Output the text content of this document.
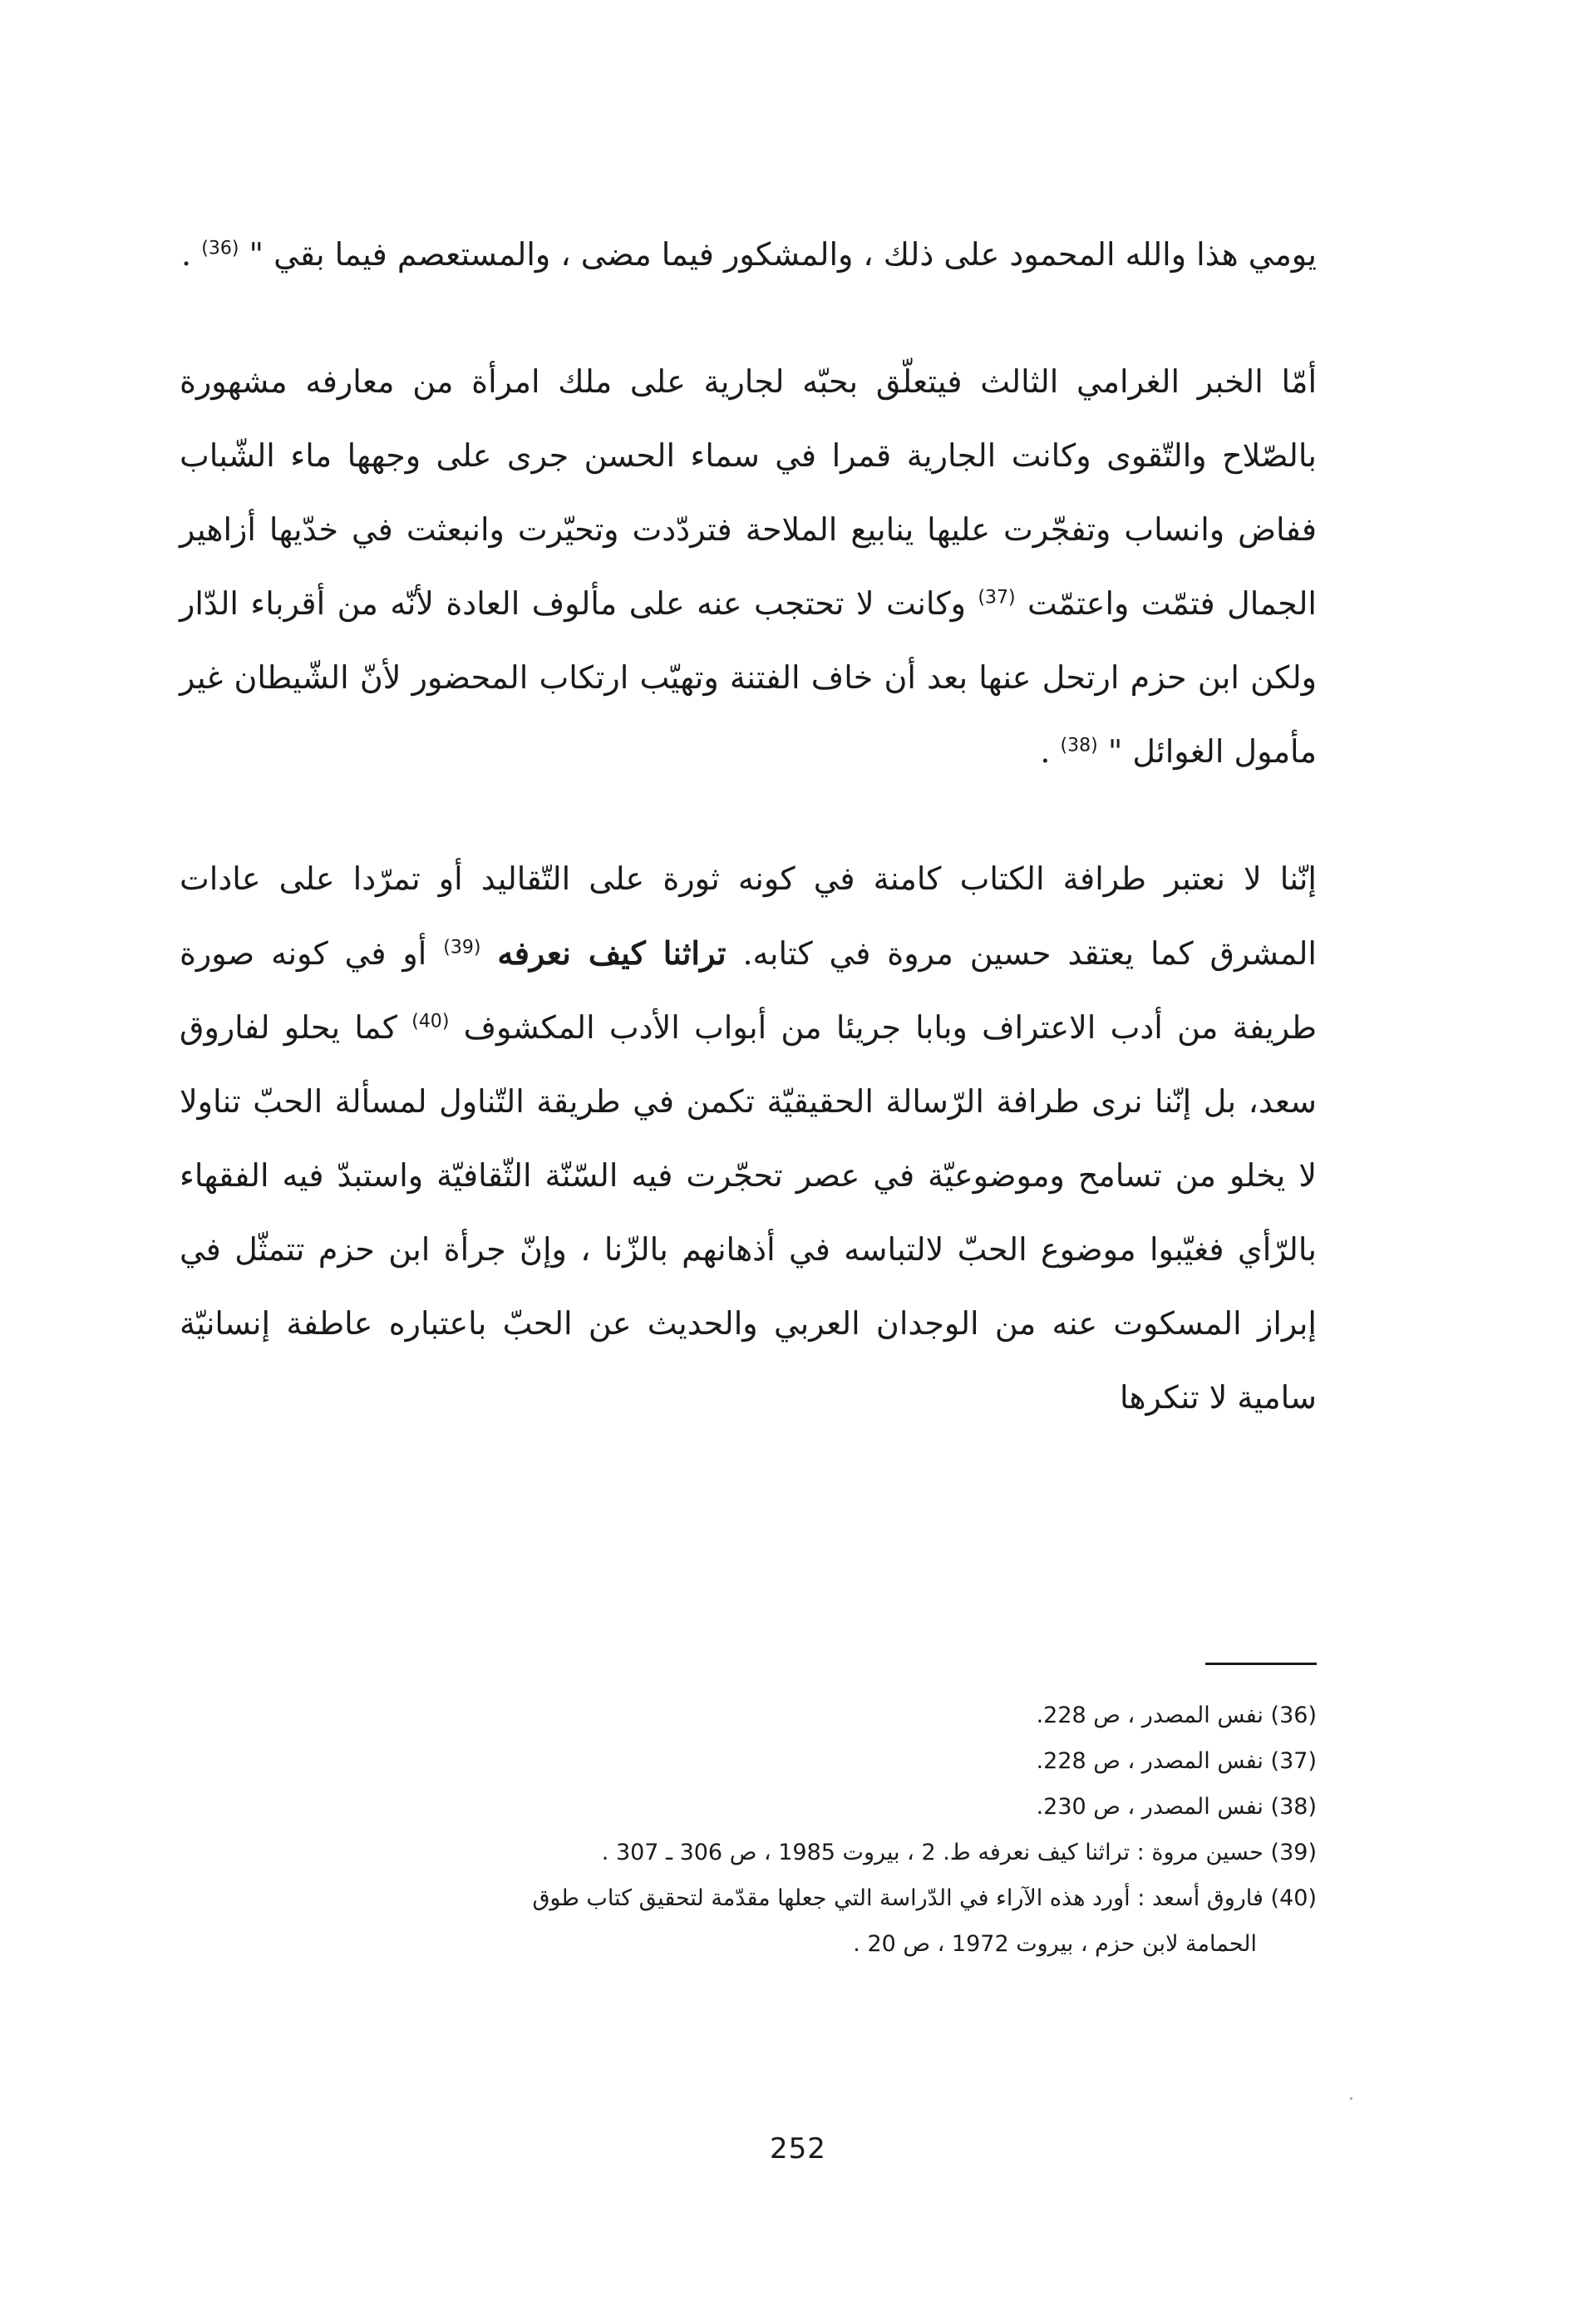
يومي هذا والله المحمود على ذلك ، والمشكور فيما مضى ، والمستعصم فيما بقي " $^{(36)}$ .

أمّا الخبر الغرامي الثالث فيتعلّق بحبّه لجارية على ملك امرأة من معارفه مشهورة بالصّلاح والتّقوى وكانت الجارية قمرا في سماء الحسن جرى على وجهها ماء الشّباب ففاض وانساب وتفجّرت عليها ينابيع الملاحة فتردّدت وتحيّرت وانبعثت في خدّيها أزاهير الجمال فتمّت واعتمّت $^{(37)}$ وكانت لا تحتجب عنه على مألوف العادة لأنّه من أقرباء الدّار ولكن ابن حزم ارتحل عنها بعد أن خاف الفتنة وتهيّب ارتكاب المحضور لأنّ الشّيطان غير مأمول الغوائل " $^{(38)}$ .

إنّنا لا نعتبر طرافة الكتاب كامنة في كونه ثورة على التّقاليد أو تمرّدا على عادات المشرق كما يعتقد حسين مروة في كتابه. تراثنا كيف نعرفه $^{(39)}$ أو في كونه صورة طريفة من أدب الاعتراف وبابا جريئا من أبواب الأدب المكشوف $^{(40)}$ كما يحلو لفاروق سعد، بل إنّنا نرى طرافة الرّسالة الحقيقيّة تكمن في طريقة التّناول لمسألة الحبّ تناولا لا يخلو من تسامح وموضوعيّة في عصر تحجّرت فيه السّنّة الثّقافيّة واستبدّ فيه الفقهاء بالرّأي فغيّبوا موضوع الحبّ لالتباسه في أذهانهم بالزّنا ، وإنّ جرأة ابن حزم تتمثّل في إبراز المسكوت عنه من الوجدان العربي والحديث عن الحبّ باعتباره عاطفة إنسانيّة سامية لا تنكرها

(36) نفس المصدر ، ص 228.

(37) نفس المصدر ، ص 228.

(38) نفس المصدر ، ص 230.

(39) حسين مروة : تراثنا كيف نعرفه ط. 2 ، بيروت 1985 ، ص 306 ـ 307 .

(40) فاروق أسعد : أورد هذه الآراء في الدّراسة التي جعلها مقدّمة لتحقيق كتاب طوق

الحمامة لابن حزم ، بيروت 1972 ، ص 20 .

252
